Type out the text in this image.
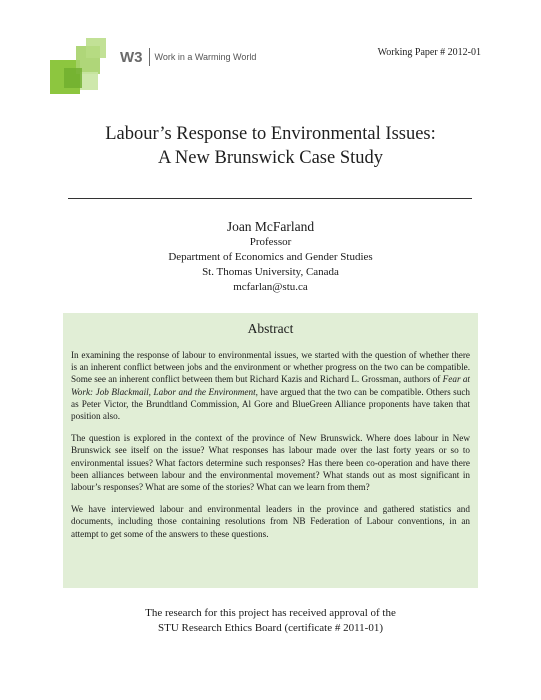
W3 Work in a Warming World	Working Paper # 2012-01
Labour’s Response to Environmental Issues:
A New Brunswick Case Study
Joan McFarland
Professor
Department of Economics and Gender Studies
St. Thomas University, Canada
mcfarlan@stu.ca
Abstract

In examining the response of labour to environmental issues, we started with the question of whether there is an inherent conflict between jobs and the environment or whether progress on the two can be compatible. Some see an inherent conflict between them but Richard Kazis and Richard L. Grossman, authors of Fear at Work: Job Blackmail, Labor and the Environment, have argued that the two can be compatible. Others such as Peter Victor, the Brundtland Commission, Al Gore and BlueGreen Alliance proponents have taken that position also.

The question is explored in the context of the province of New Brunswick. Where does labour in New Brunswick see itself on the issue? What responses has labour made over the last forty years or so to environmental issues? What factors determine such responses? Has there been co-operation and have there been alliances between labour and the environmental movement? What stands out as most significant in labour’s responses? What are some of the stories? What can we learn from them?

We have interviewed labour and environmental leaders in the province and gathered statistics and documents, including those containing resolutions from NB Federation of Labour conventions, in an attempt to get some of the answers to these questions.

The research for this project has received approval of the
STU Research Ethics Board (certificate # 2011-01)
